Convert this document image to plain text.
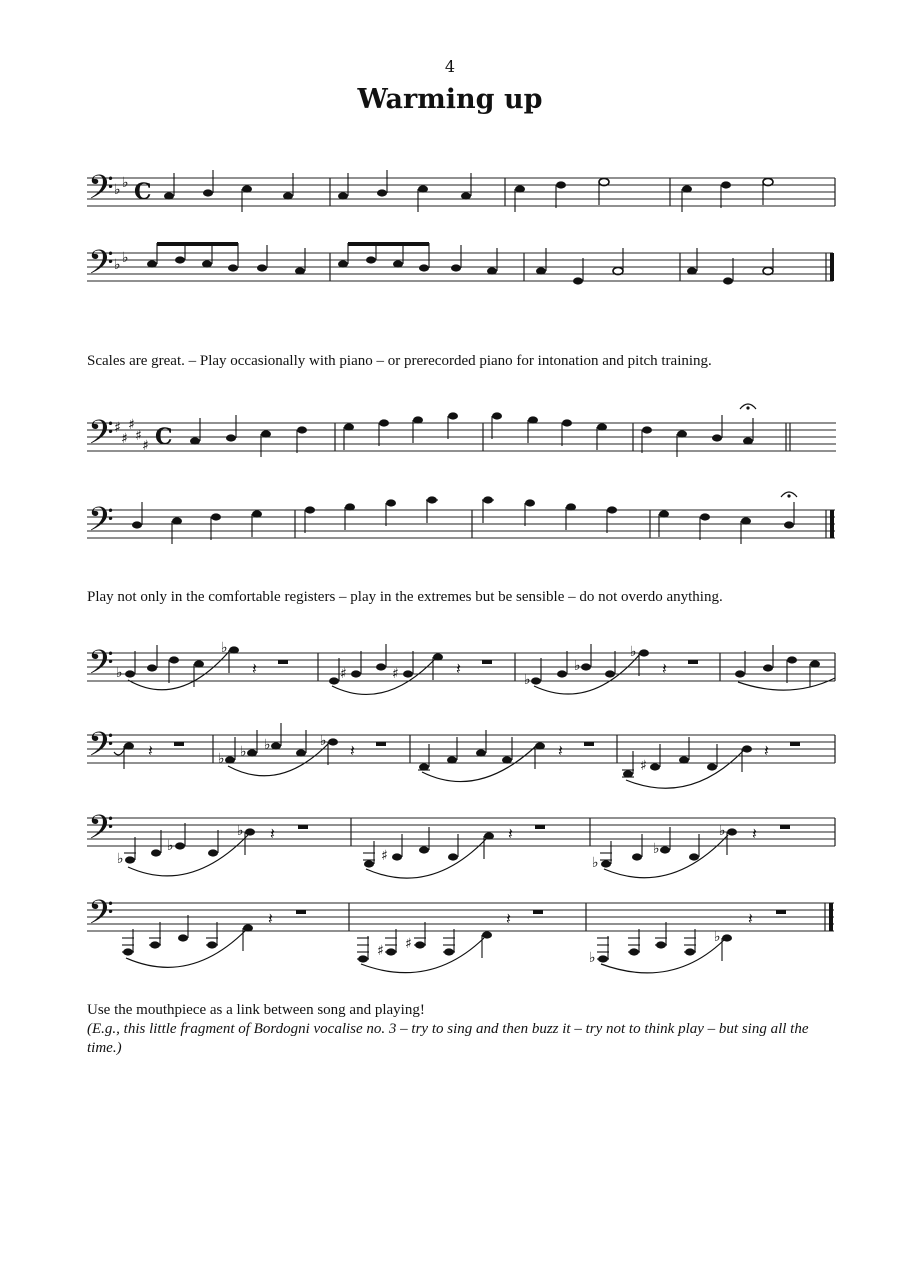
4
Warming up
𝄢 ♭ ♭ C
𝄢 ♭ ♭
Scales are great. – Play occasionally with piano – or prerecorded piano for intonation and pitch training.
𝄢 ♯
♯
♯
♯
♯ C
𝄢
Play not only in the comfortable registers – play in the extremes but be sensible – do not overdo anything.
𝄢 ♭
♭
𝄽	♯	♯	𝄽
♭
♭
♭
𝄽
𝄢 𝄽	♭ ♭ ♭	♭ 𝄽	𝄽
♯
𝄽
𝄢
♭
♭
♭ 𝄽
♯
𝄽
♭
♭
♭ 𝄽
𝄢	𝄽
♯ ♯
𝄽
♭
♭
𝄽
Use the mouthpiece as a link between song and playing!
(E.g., this little fragment of Bordogni vocalise no. 3 – try to sing and then buzz it – try not to think play – but sing all the time.)
